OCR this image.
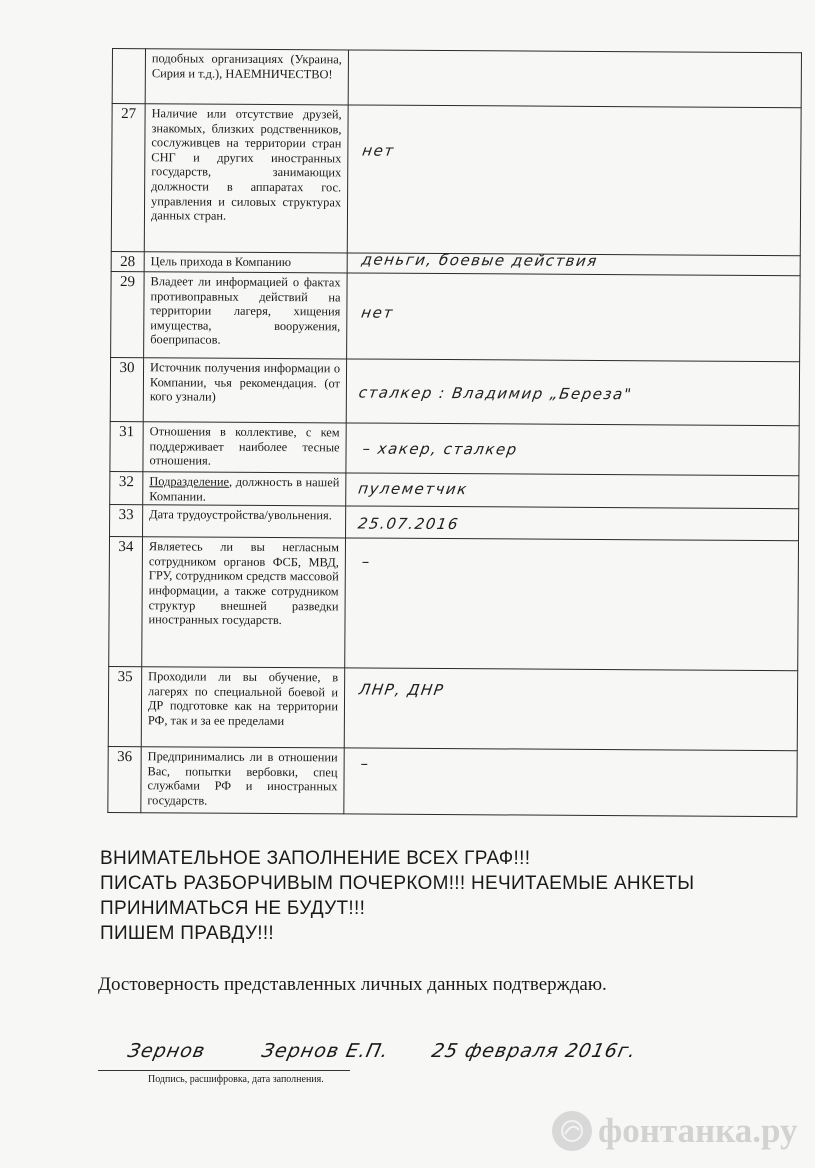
	подобных организациях (Украина, Сирия и т.д.), НАЕМНИЧЕСТВО!	
27	Наличие или отсутствие друзей, знакомых, близких родственников, сослуживцев на территории стран СНГ и других иностранных государств, занимающих должности в аппаратах гос. управления и силовых структурах данных стран.	нет

28	Цель прихода в Компанию	деньги, боевые действия

29	Владеет ли информацией о фактах противоправных действий на территории лагеря, хищения имущества, вооружения, боеприпасов.	нет

30	Источник получения информации о Компании, чья рекомендация. (от кого узнали)	сталкер : Владимир „Береза"

31	Отношения в коллективе, с кем поддерживает наиболее тесные отношения.	– хакер, сталкер

32	Подразделение, должность в нашей Компании.	пулеметчик

33	Дата трудоустройства/увольнения.	25.07.2016

34	Являетесь ли вы негласным сотрудником органов ФСБ, МВД, ГРУ, сотрудником средств массовой информации, а также сотрудником структур внешней разведки иностранных государств.	–

35	Проходили ли вы обучение, в лагерях по специальной боевой и ДР подготовке как на территории РФ, так и за ее пределами	ЛНР, ДНР

36	Предпринимались ли в отношении Вас, попытки вербовки, спец службами РФ и иностранных государств.	–
ВНИМАТЕЛЬНОЕ ЗАПОЛНЕНИЕ ВСЕХ ГРАФ!!!
ПИСАТЬ РАЗБОРЧИВЫМ ПОЧЕРКОМ!!! НЕЧИТАЕМЫЕ АНКЕТЫ
ПРИНИМАТЬСЯ НЕ БУДУТ!!!
ПИШЕМ ПРАВДУ!!!
Достоверность представленных личных данных подтверждаю.
Зернов	Зернов Е.П. 25 февраля 2016г.
Подпись, расшифровка, дата заполнения.
фонтанка.ру
